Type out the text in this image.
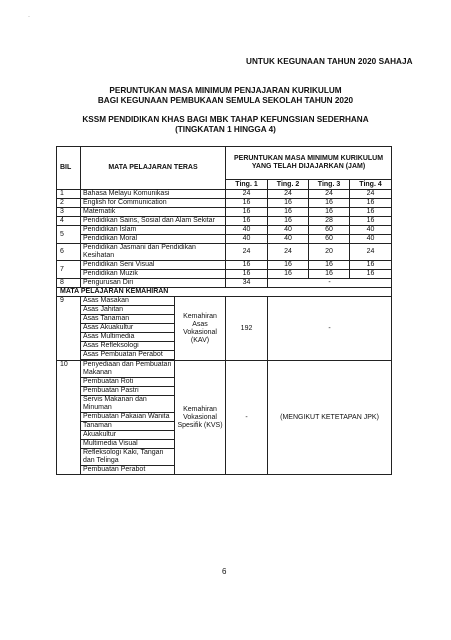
·
UNTUK KEGUNAAN TAHUN 2020 SAHAJA
PERUNTUKAN MASA MINIMUM PENJAJARAN KURIKULUM
BAGI KEGUNAAN PEMBUKAAN SEMULA SEKOLAH TAHUN 2020
KSSM PENDIDIKAN KHAS BAGI MBK TAHAP KEFUNGSIAN SEDERHANA
(TINGKATAN 1 HINGGA 4)
BIL	MATA PELAJARAN TERAS		PERUNTUKAN MASA MINIMUM KURIKULUM YANG TELAH DIJAJARKAN (JAM)			
			Ting. 1	Ting. 2	Ting. 3	Ting. 4
1	Bahasa Melayu Komunikasi		24	24	24	24
2	English for Communication		16	16	16	16
3	Matematik		16	16	16	16
4	Pendidikan Sains, Sosial dan Alam Sekitar		16	16	28	16
5	Pendidikan Islam		40	40	60	40
	Pendidikan Moral		40	40	60	40
6	Pendidikan Jasmani dan Pendidikan Kesihatan		24	24	20	24
7	Pendidikan Seni Visual		16	16	16	16
	Pendidikan Muzik		16	16	16	16
8	Pengurusan Diri		34	-		
MATA PELAJARAN KEMAHIRAN						
9	Asas Masakan	Kemahiran Asas Vokasional (KAV)	192	-		
	Asas Jahitan					
	Asas Tanaman					
	Asas Akuakultur					
	Asas Multimedia					
	Asas Refleksologi					
	Asas Pembuatan Perabot					

10	Penyediaan dan Pembuatan Makanan	Kemahiran Vokasional Spesifik (KVS)	-	(MENGIKUT KETETAPAN JPK)		
	Pembuatan Roti					
	Pembuatan Pastri					
	Servis Makanan dan Minuman					
	Pembuatan Pakaian Wanita					
	Tanaman					
	Akuakultur					
	Multimedia Visual					
	Refleksologi Kaki, Tangan dan Telinga					
	Pembuatan Perabot					
6
